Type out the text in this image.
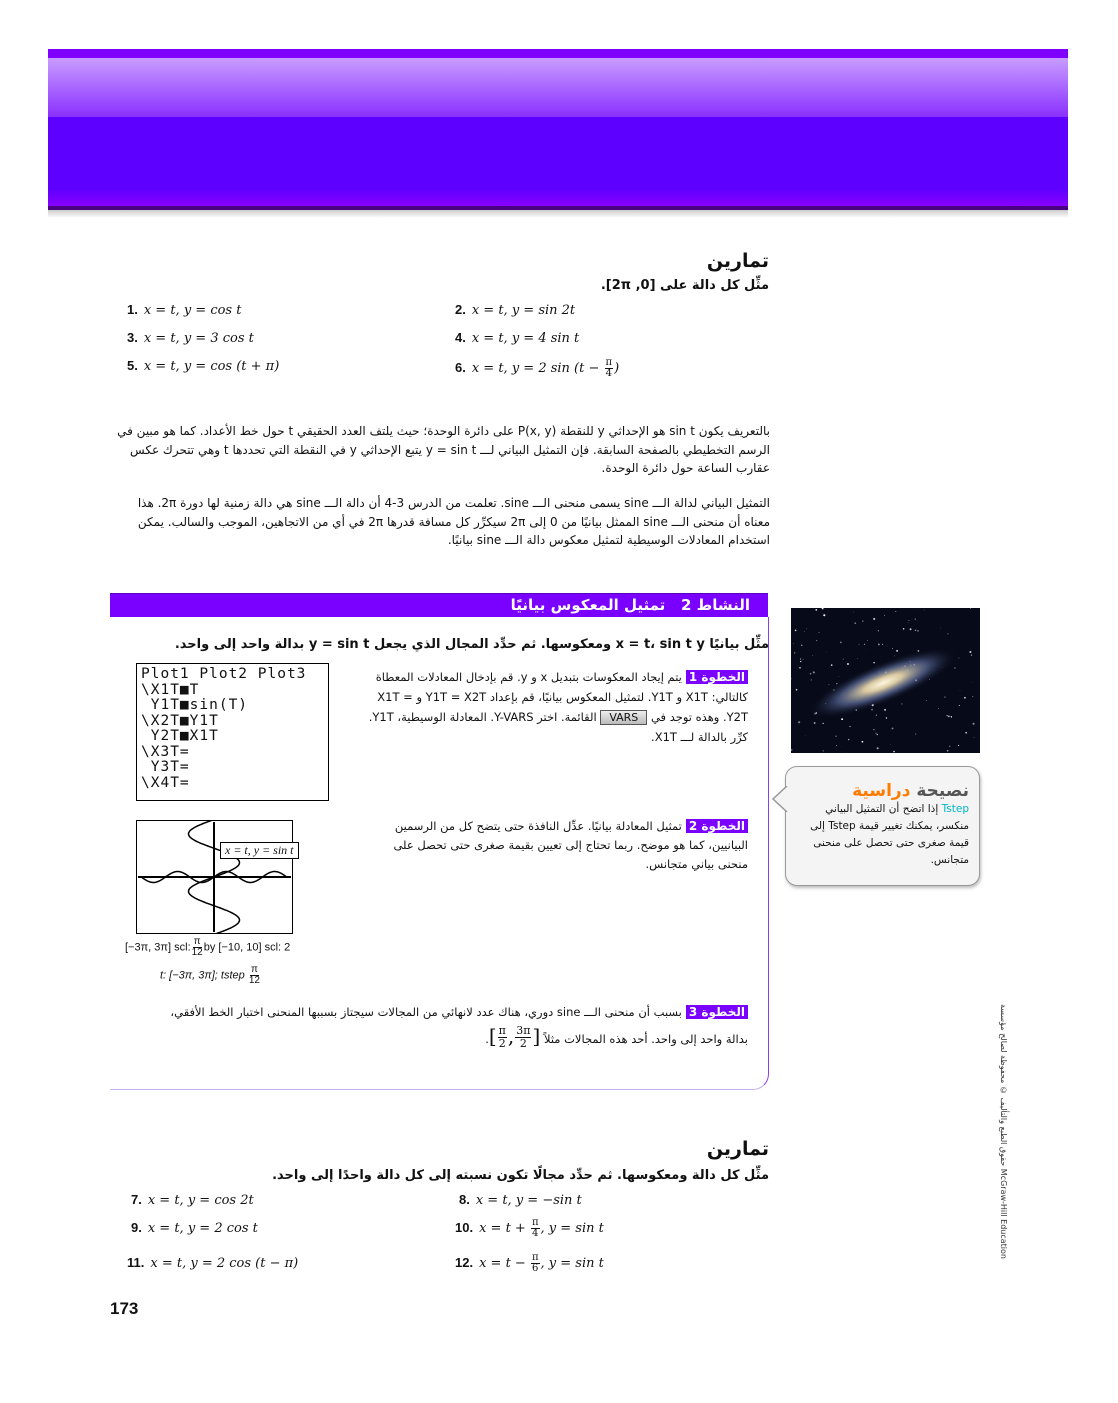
تمارين
مثِّل كل دالة على [0, 2π].
1. x = t, y = cos t	2. x = t, y = sin 2t
3. x = t, y = 3 cos t	4. x = t, y = 4 sin t
5. x = t, y = cos (t + π)	6. x = t, y = 2 $\sin (t - \frac{\pi}{4}$ )
بالتعريف يكون sin t هو الإحداثي y للنقطة P(x, y) على دائرة الوحدة؛ حيث يلتف العدد الحقيقي t حول خط الأعداد. كما هو مبين في الرسم التخطيطي بالصفحة السابقة. فإن التمثيل البياني لـــ y = sin t يتبع الإحداثي y في النقطة التي تحددها t وهي تتحرك عكس عقارب الساعة حول دائرة الوحدة.
التمثيل البياني لدالة الـــ sine يسمى منحنى الـــ sine. تعلمت من الدرس 3-4 أن دالة الـــ sine هي دالة زمنية لها دورة 2π. هذا معناه أن منحنى الـــ sine الممثل بيانيًا من 0 إلى 2π سيكرِّر كل مسافة قدرها 2π في أي من الاتجاهين، الموجب والسالب. يمكن استخدام المعادلات الوسيطية لتمثيل معكوس دالة الـــ sine بيانيًا.
النشاط 2   تمثيل المعكوس بيانيًا
مثِّل بيانيًا x = t، sin t y ومعكوسها. ثم حدِّد المجال الذي يجعل y = sin t بدالة واحد إلى واحد.
Plot1 Plot2 Plot3
\X1T■T
Y1T■sin(T)
\X2T■Y1T
Y2T■X1T
\X3T=
Y3T=
\X4T=
الخطوة 1يتم إيجاد المعكوسات بتبديل x و y. قم بإدخال المعادلات المعطاة كالتالي: X1T و Y1T. لتمثيل المعكوس بيانيًا، قم بإعداد Y1T = X2T و X1T = Y2T. وهذه توجد في VARS القائمة. اختر Y-VARS. المعادلة الوسيطية، Y1T. كرِّر بالدالة لـــ X1T.
x = t, y = sin t
[−3π, 3π] scl: $\frac{\pi}{12}$ by [−10, 10] scl: 2
t: [−3π, 3π]; tstep $\frac{\pi}{12}$
الخطوة 2تمثيل المعادلة بيانيًا. عدِّل النافذة حتى يتضح كل من الرسمين البيانيين، كما هو موضح. ربما تحتاج إلى تعيين بقيمة صغرى حتى تحصل على منحنى بياني متجانس.
الخطوة 3بسبب أن منحنى الـــ sine دوري، هناك عدد لانهائي من المجالات سيجتاز بسببها المنحنى اختبار الخط الأفقي، بدالة واحد إلى واحد. أحد هذه المجالات مثلاً [ $\frac{\pi}{2}$ , $\frac{3\pi}{2}$ ].
نصيحة دراسية
Tstep إذا اتضح أن التمثيل البياني منكسر، يمكنك تغيير قيمة Tstep إلى قيمة صغرى حتى تحصل على منحنى متجانس.
تمارين
مثِّل كل دالة ومعكوسها. ثم حدِّد مجالًا تكون نسبته إلى كل دالة واحدًا إلى واحد.
7. x = t, y = cos 2t	8. x = t, y = −sin t
9. x = t, y = 2 cos t	10. $x = t + \frac{\pi}{4}$ , y = sin t
11. x = t, y = 2 cos (t − π)	12. $x = t - \frac{\pi}{6}$ , y = sin t
173
حقوق الطبع والتأليف © محفوظة لصالح مؤسسة McGraw-Hill Education
